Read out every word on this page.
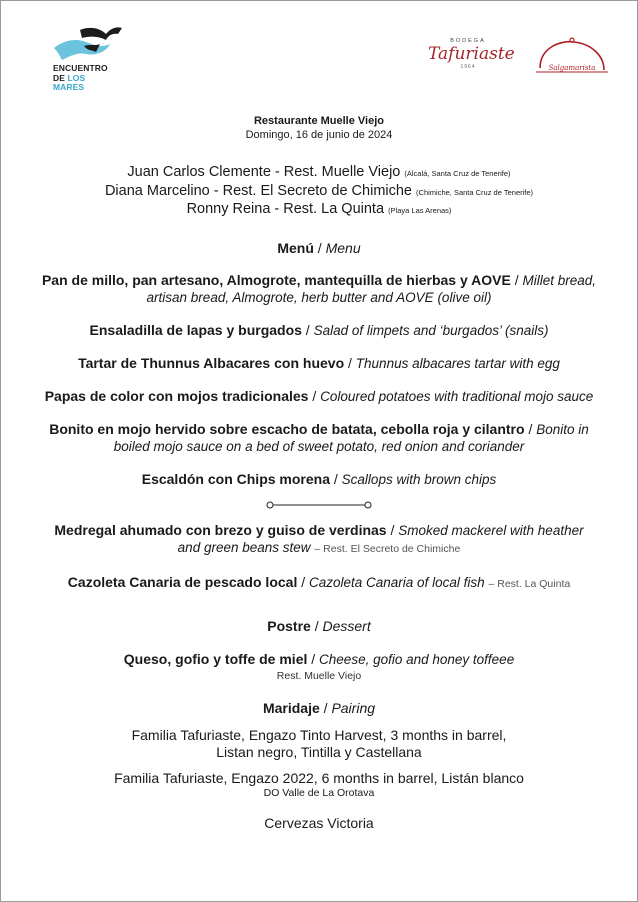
ENCUENTRO
DE LOS
MARES
BODEGA
Tafuriaste
1964	Salgamarista
Restaurante Muelle Viejo
Domingo, 16 de junio de 2024
Juan Carlos Clemente - Rest. Muelle Viejo (Alcalá, Santa Cruz de Tenerife)
Diana Marcelino - Rest. El Secreto de Chimiche (Chimiche, Santa Cruz de Tenerife)
Ronny Reina - Rest. La Quinta (Playa Las Arenas)
Menú / Menu
Pan de millo, pan artesano, Almogrote, mantequilla de hierbas y AOVE / Millet bread, artisan bread, Almogrote, herb butter and AOVE (olive oil)
Ensaladilla de lapas y burgados / Salad of limpets and ‘burgados’ (snails)
Tartar de Thunnus Albacares con huevo / Thunnus albacares tartar with egg
Papas de color con mojos tradicionales / Coloured potatoes with traditional mojo sauce
Bonito en mojo hervido sobre escacho de batata, cebolla roja y cilantro / Bonito in boiled mojo sauce on a bed of sweet potato, red onion and coriander
Escaldón con Chips morena / Scallops with brown chips
Medregal ahumado con brezo y guiso de verdinas / Smoked mackerel with heather and green beans stew – Rest. El Secreto de Chimiche
Cazoleta Canaria de pescado local / Cazoleta Canaria of local fish – Rest. La Quinta
Postre / Dessert
Queso, gofio y toffe de miel / Cheese, gofio and honey toffeee
Rest. Muelle Viejo
Maridaje / Pairing
Familia Tafuriaste, Engazo Tinto Harvest, 3 months in barrel,
Listan negro, Tintilla y Castellana
Familia Tafuriaste, Engazo 2022, 6 months in barrel, Listán blanco
DO Valle de La Orotava
Cervezas Victoria
